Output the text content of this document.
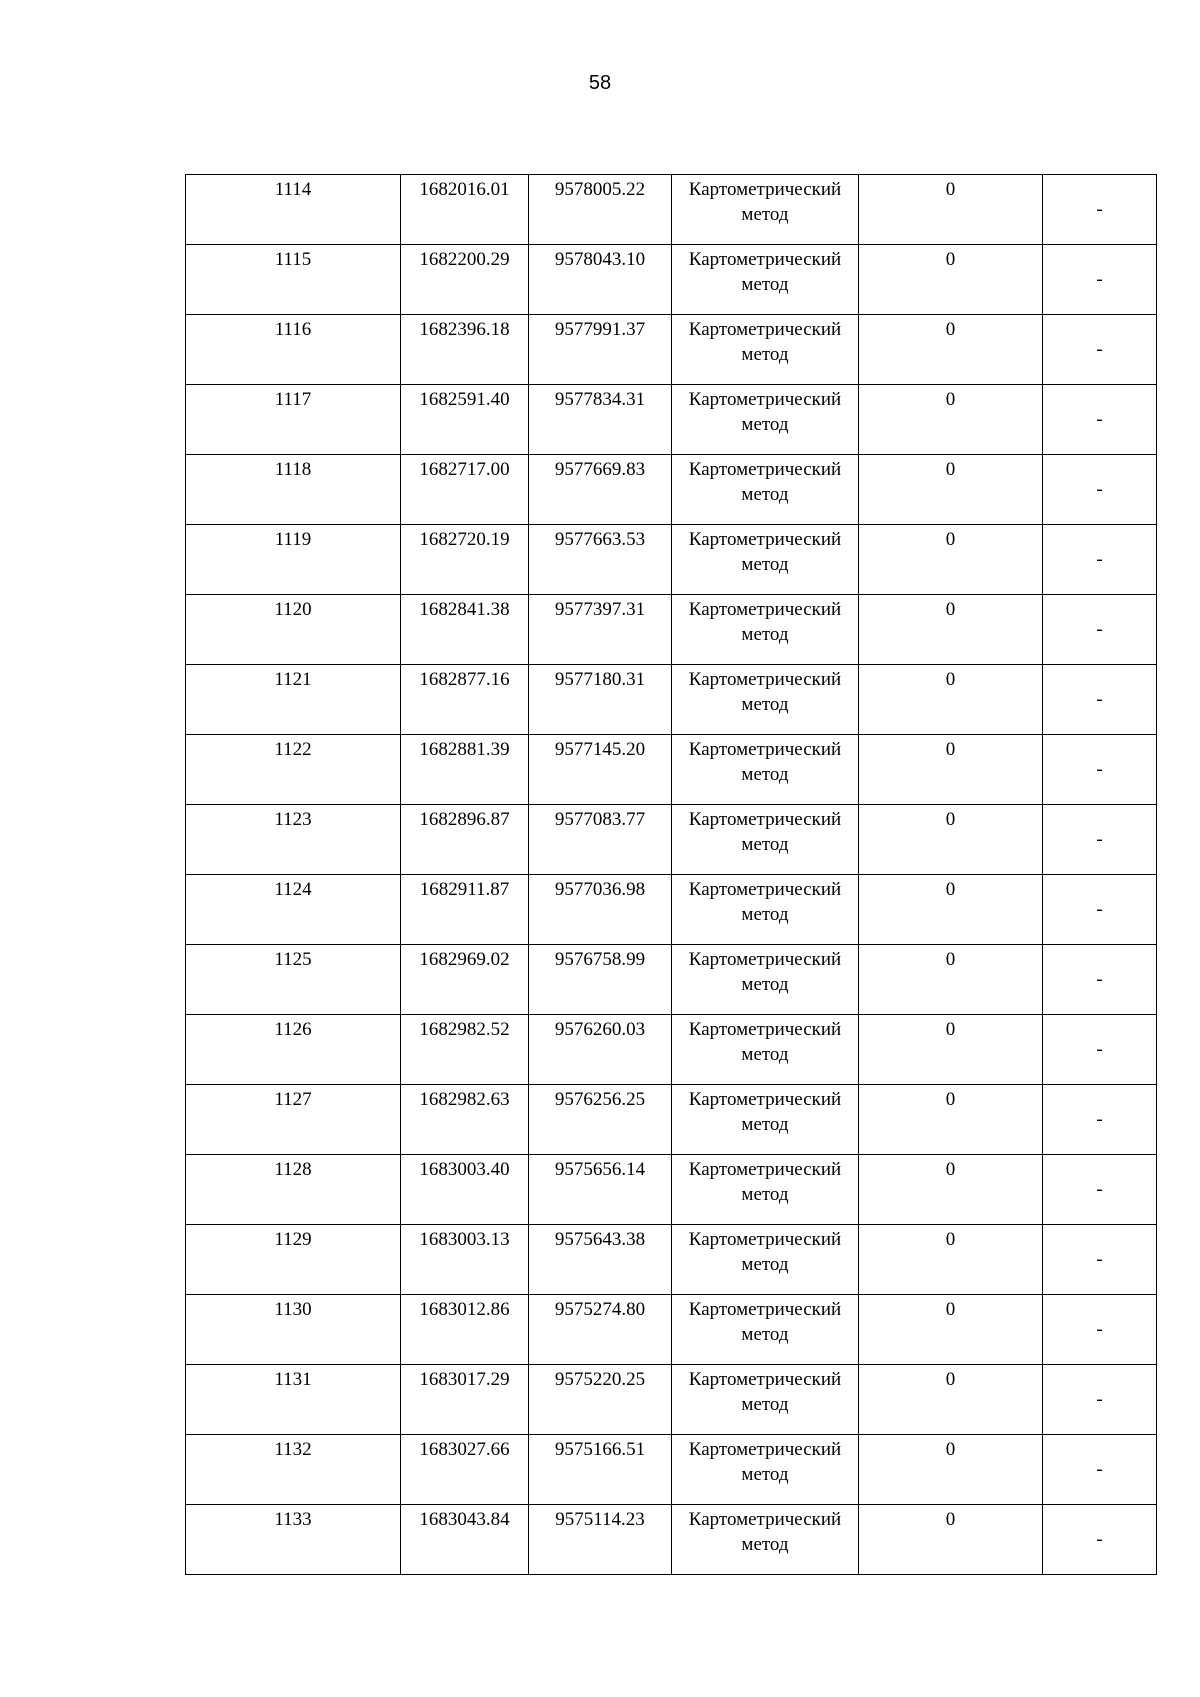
58
1114	1682016.01	9578005.22	Картометрический метод	0	-
1115	1682200.29	9578043.10	Картометрический метод	0	-
1116	1682396.18	9577991.37	Картометрический метод	0	-
1117	1682591.40	9577834.31	Картометрический метод	0	-
1118	1682717.00	9577669.83	Картометрический метод	0	-
1119	1682720.19	9577663.53	Картометрический метод	0	-
1120	1682841.38	9577397.31	Картометрический метод	0	-
1121	1682877.16	9577180.31	Картометрический метод	0	-
1122	1682881.39	9577145.20	Картометрический метод	0	-
1123	1682896.87	9577083.77	Картометрический метод	0	-
1124	1682911.87	9577036.98	Картометрический метод	0	-
1125	1682969.02	9576758.99	Картометрический метод	0	-
1126	1682982.52	9576260.03	Картометрический метод	0	-
1127	1682982.63	9576256.25	Картометрический метод	0	-
1128	1683003.40	9575656.14	Картометрический метод	0	-
1129	1683003.13	9575643.38	Картометрический метод	0	-
1130	1683012.86	9575274.80	Картометрический метод	0	-
1131	1683017.29	9575220.25	Картометрический метод	0	-
1132	1683027.66	9575166.51	Картометрический метод	0	-
1133	1683043.84	9575114.23	Картометрический метод	0	-
